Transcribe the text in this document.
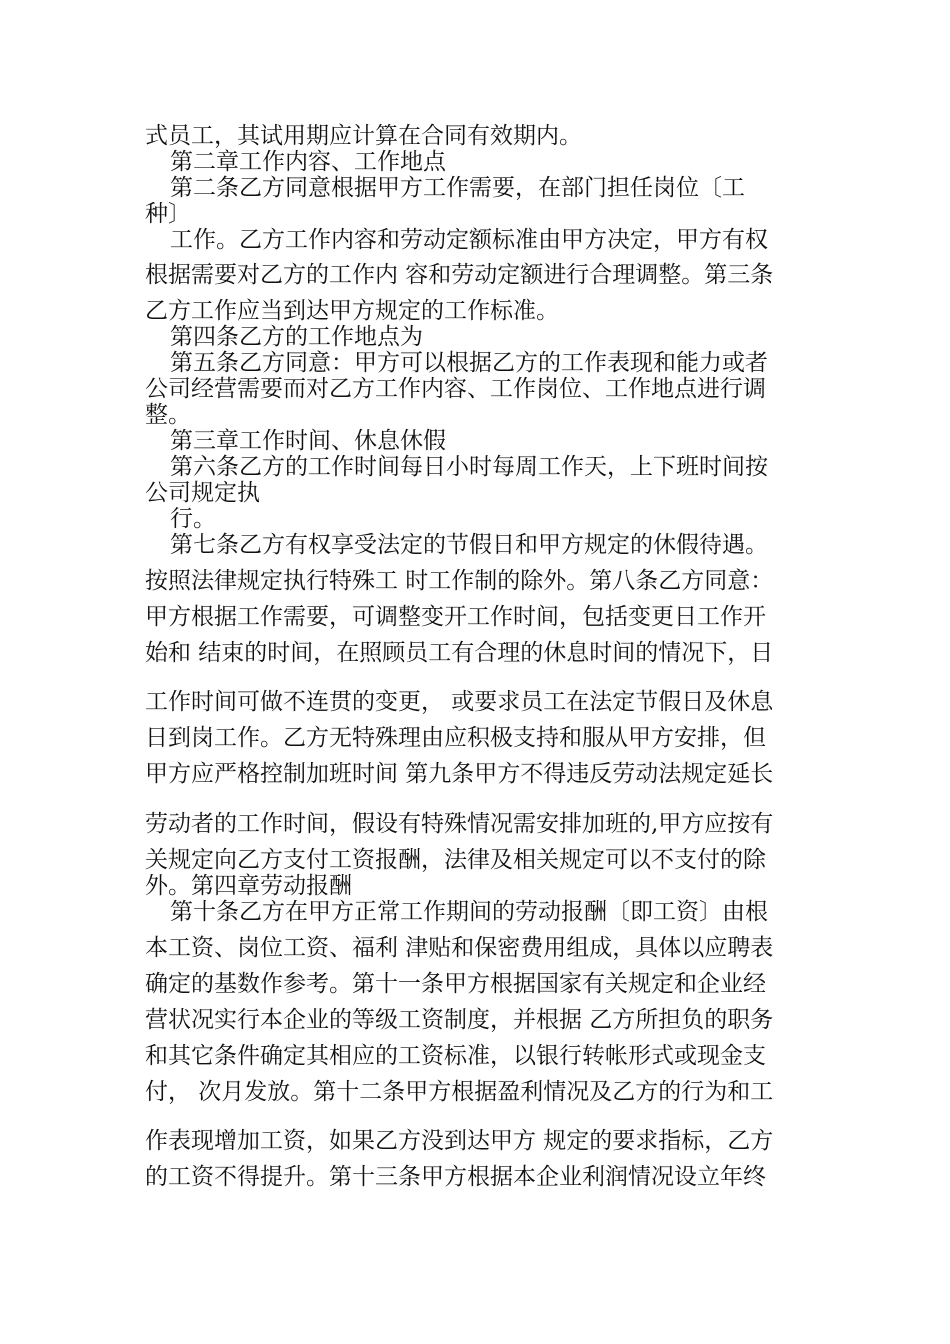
式员工，其试用期应计算在合同有效期内。
第二章工作内容、工作地点
第二条乙方同意根据甲方工作需要，在部门担任岗位〔工
种〕
工作。乙方工作内容和劳动定额标准由甲方决定，甲方有权
根据需要对乙方的工作内 容和劳动定额进行合理调整。第三条
乙方工作应当到达甲方规定的工作标准。
第四条乙方的工作地点为
第五条乙方同意：甲方可以根据乙方的工作表现和能力或者
公司经营需要而对乙方工作内容、工作岗位、工作地点进行调
整。
第三章工作时间、休息休假
第六条乙方的工作时间每日小时每周工作天，上下班时间按
公司规定执
行。
第七条乙方有权享受法定的节假日和甲方规定的休假待遇。
按照法律规定执行特殊工 时工作制的除外。第八条乙方同意：
甲方根据工作需要，可调整变开工作时间，包括变更日工作开
始和 结束的时间，在照顾员工有合理的休息时间的情况下，日
工作时间可做不连贯的变更， 或要求员工在法定节假日及休息
日到岗工作。乙方无特殊理由应积极支持和服从甲方安排，但
甲方应严格控制加班时间 第九条甲方不得违反劳动法规定延长
劳动者的工作时间，假设有特殊情况需安排加班的,甲方应按有
关规定向乙方支付工资报酬，法律及相关规定可以不支付的除
外。第四章劳动报酬
第十条乙方在甲方正常工作期间的劳动报酬〔即工资〕由根
本工资、岗位工资、福利 津贴和保密费用组成，具体以应聘表
确定的基数作参考。第十一条甲方根据国家有关规定和企业经
营状况实行本企业的等级工资制度，并根据 乙方所担负的职务
和其它条件确定其相应的工资标准，以银行转帐形式或现金支
付， 次月发放。第十二条甲方根据盈利情况及乙方的行为和工
作表现增加工资，如果乙方没到达甲方 规定的要求指标，乙方
的工资不得提升。第十三条甲方根据本企业利润情况设立年终
